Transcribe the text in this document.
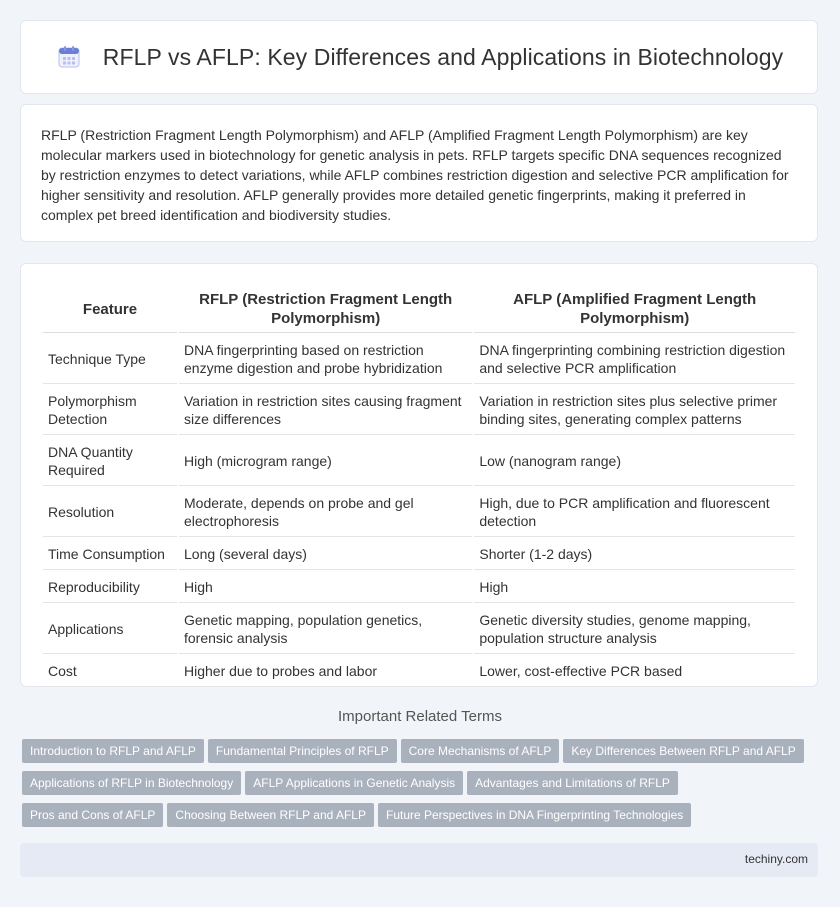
RFLP vs AFLP: Key Differences and Applications in Biotechnology

RFLP (Restriction Fragment Length Polymorphism) and AFLP (Amplified Fragment Length Polymorphism) are key molecular markers used in biotechnology for genetic analysis in pets. RFLP targets specific DNA sequences recognized by restriction enzymes to detect variations, while AFLP combines restriction digestion and selective PCR amplification for higher sensitivity and resolution. AFLP generally provides more detailed genetic fingerprints, making it preferred in complex pet breed identification and biodiversity studies.

Feature	RFLP (Restriction Fragment Length Polymorphism)	AFLP (Amplified Fragment Length Polymorphism)
Technique Type	DNA fingerprinting based on restriction enzyme digestion and probe hybridization	DNA fingerprinting combining restriction digestion and selective PCR amplification
Polymorphism Detection	Variation in restriction sites causing fragment size differences	Variation in restriction sites plus selective primer binding sites, generating complex patterns
DNA Quantity Required	High (microgram range)	Low (nanogram range)
Resolution	Moderate, depends on probe and gel electrophoresis	High, due to PCR amplification and fluorescent detection
Time Consumption	Long (several days)	Shorter (1-2 days)
Reproducibility	High	High
Applications	Genetic mapping, population genetics, forensic analysis	Genetic diversity studies, genome mapping, population structure analysis
Cost	Higher due to probes and labor	Lower, cost-effective PCR based
Important Related Terms
Introduction to RFLP and AFLP Fundamental Principles of RFLP Core Mechanisms of AFLP Key Differences Between RFLP and AFLPApplications of RFLP in Biotechnology AFLP Applications in Genetic Analysis Advantages and Limitations of RFLPPros and Cons of AFLP Choosing Between RFLP and AFLP Future Perspectives in DNA Fingerprinting Technologies
techiny.com
